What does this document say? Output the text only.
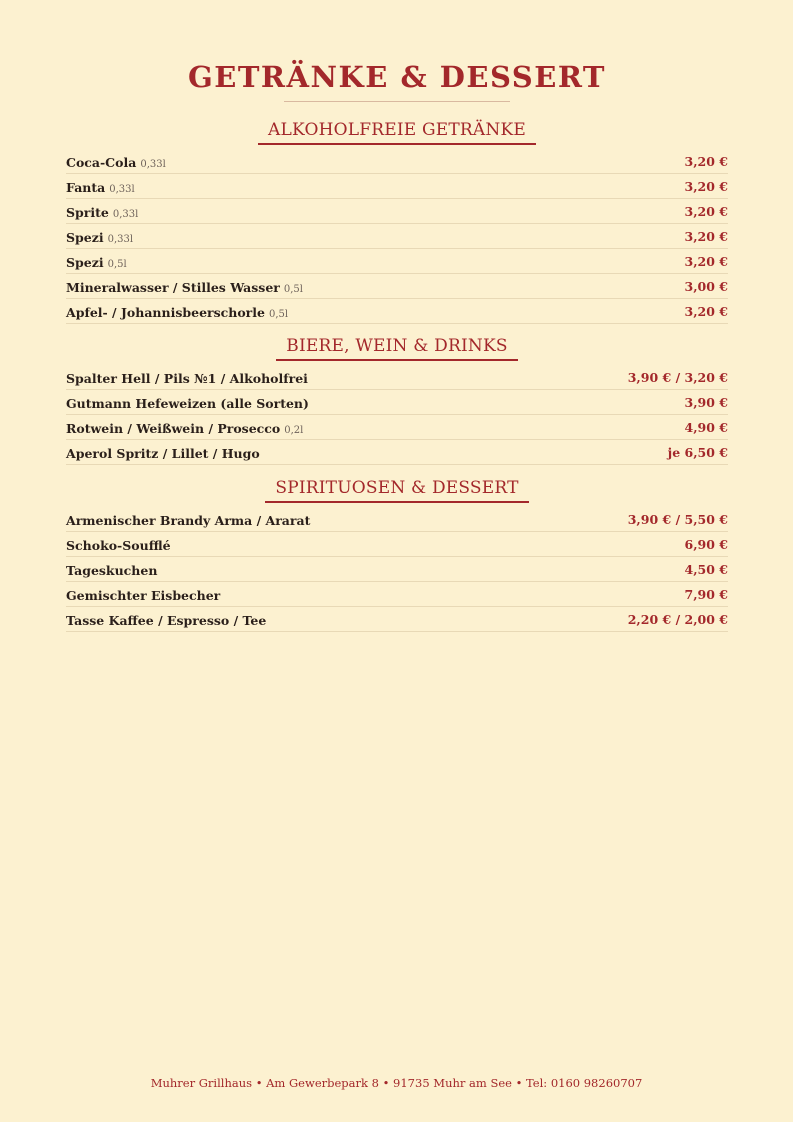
GETRÄNKE & DESSERT
ALKOHOLFREIE GETRÄNKE
Coca-Cola 0,33l	3,20 €
Fanta 0,33l	3,20 €
Sprite 0,33l	3,20 €
Spezi 0,33l	3,20 €
Spezi 0,5l	3,20 €
Mineralwasser / Stilles Wasser 0,5l	3,00 €
Apfel- / Johannisbeerschorle 0,5l	3,20 €
BIERE, WEIN & DRINKS
Spalter Hell / Pils №1 / Alkoholfrei	3,90 € / 3,20 €
Gutmann Hefeweizen (alle Sorten)	3,90 €
Rotwein / Weißwein / Prosecco 0,2l	4,90 €
Aperol Spritz / Lillet / Hugo	je 6,50 €
SPIRITUOSEN & DESSERT
Armenischer Brandy Arma / Ararat	3,90 € / 5,50 €
Schoko-Soufflé	6,90 €
Tageskuchen	4,50 €
Gemischter Eisbecher	7,90 €
Tasse Kaffee / Espresso / Tee	2,20 € / 2,00 €
Muhrer Grillhaus • Am Gewerbepark 8 • 91735 Muhr am See • Tel: 0160 98260707
